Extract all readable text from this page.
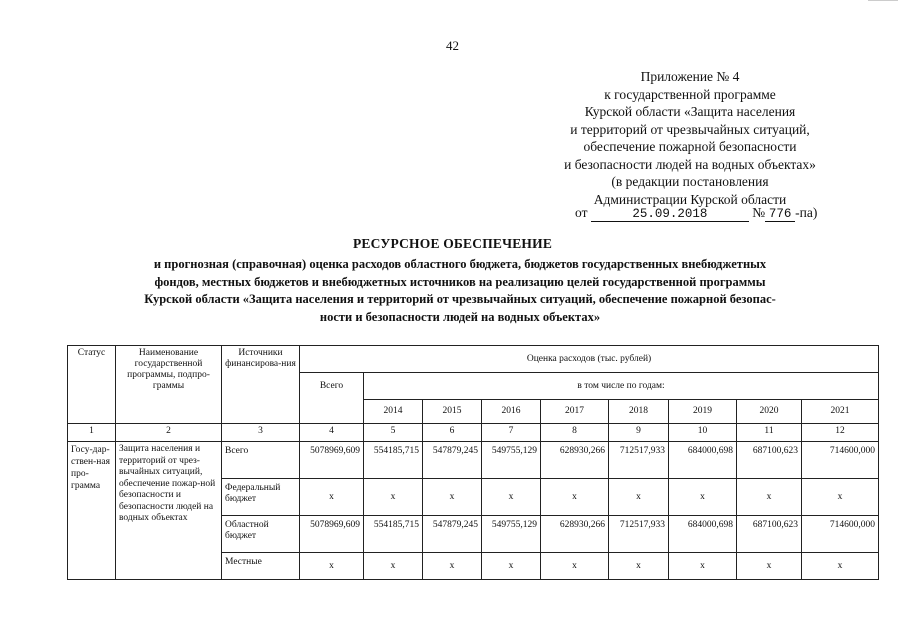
42
Приложение № 4
к государственной программе
Курской области «Защита населения
и территорий от чрезвычайных ситуаций,
обеспечение пожарной безопасности
и безопасности людей на водных объектах»
(в редакции постановления
Администрации Курской области
от	25.09.2018	№ 776 -па)
РЕСУРСНОЕ ОБЕСПЕЧЕНИЕ
и прогнозная (справочная) оценка расходов областного бюджета, бюджетов государственных внебюджетных
фондов, местных бюджетов и внебюджетных источников на реализацию целей государственной программы
Курской области «Защита населения и территорий от чрезвычайных ситуаций, обеспечение пожарной безопас-
ности и безопасности людей на водных объектах»
Статус	Наименование государственной программы, подпро-граммы	Источники финансирова-ния	Оценка расходов (тыс. рублей)								
			Всего	в том числе по годам:							
				2014	2015	2016	2017	2018	2019	2020	2021
1	2	3	4	5	6	7	8	9	10	11	12
Госу-дар-ствен-ная про-грамма	Защита населения и территорий от чрез-вычайных ситуаций, обеспечение пожар-ной безопасности и безопасности людей на водных объектах	Всего	5078969,609	554185,715	547879,245	549755,129	628930,266	712517,933	684000,698	687100,623	714600,000
		Федеральный бюджет	х	х	х	х	х	х	х	х	х
		Областной бюджет	5078969,609	554185,715	547879,245	549755,129	628930,266	712517,933	684000,698	687100,623	714600,000
		Местные	х	х	х	х	х	х	х	х	х
